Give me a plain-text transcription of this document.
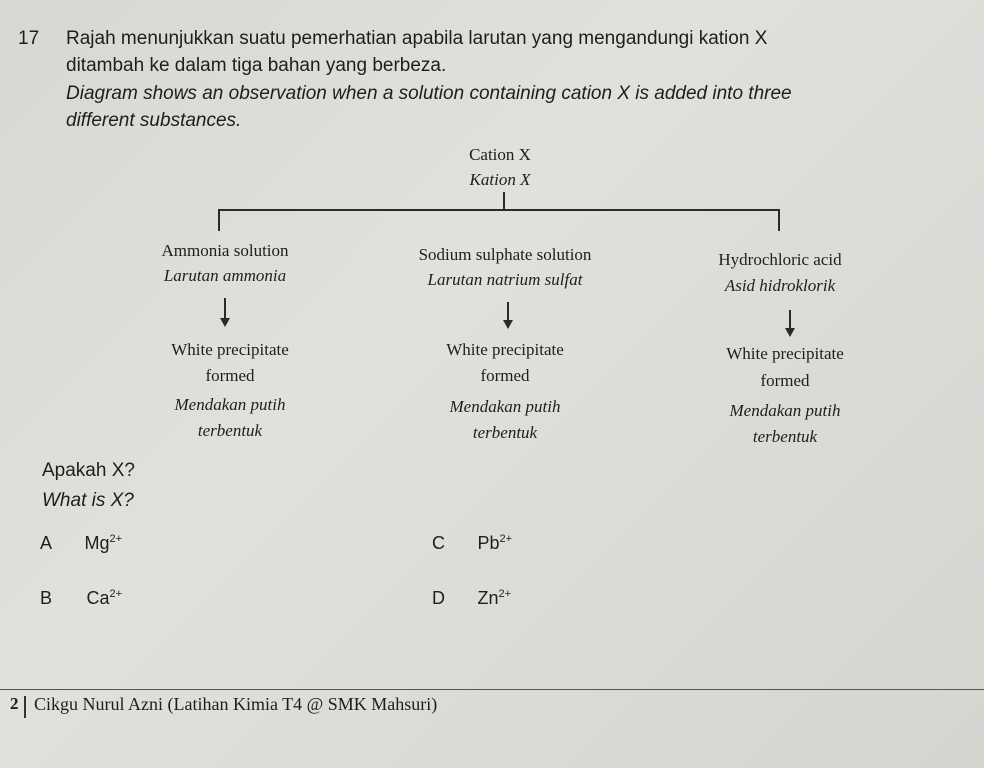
17 Rajah menunjukkan suatu pemerhatian apabila larutan yang mengandungi kation X
ditambah ke dalam tiga bahan yang berbeza.
Diagram shows an observation when a solution containing cation X is added into three
different substances.
Cation X
Kation X
Ammonia solution
Larutan ammonia
White precipitate
formed
Mendakan putih
terbentuk
Sodium sulphate solution
Larutan natrium sulfat
White precipitate
formed
Mendakan putih
terbentuk
Hydrochloric acid
Asid hidroklorik
White precipitate
formed
Mendakan putih
terbentuk
Apakah X?
What is X?
A $Mg^{2+}$
B $Ca^{2+}$
C $Pb^{2+}$
D $Zn^{2+}$
2 Cikgu Nurul Azni (Latihan Kimia T4 @ SMK Mahsuri)
